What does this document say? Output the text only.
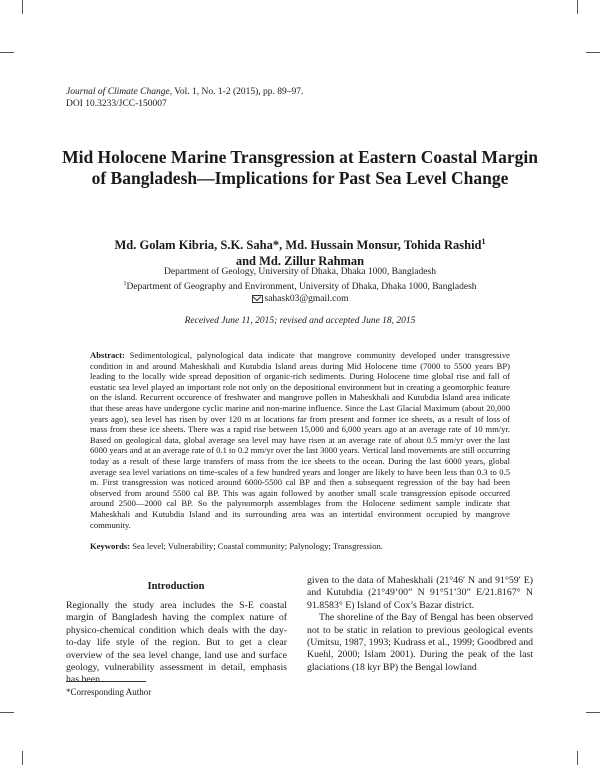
Journal of Climate Change, Vol. 1, No. 1-2 (2015), pp. 89–97.
DOI 10.3233/JCC-150007
Mid Holocene Marine Transgression at Eastern Coastal Margin of Bangladesh—Implications for Past Sea Level Change
Md. Golam Kibria, S.K. Saha*, Md. Hussain Monsur, Tohida Rashid$^1$
and Md. Zillur Rahman
Department of Geology, University of Dhaka, Dhaka 1000, Bangladesh
$^1$Department of Geography and Environment, University of Dhaka, Dhaka 1000, Bangladesh
sahask03@gmail.com
Received June 11, 2015; revised and accepted June 18, 2015
Abstract: Sedimentological, palynological data indicate that mangrove community developed under transgressive condition in and around Maheskhali and Kutubdia Island areas during Mid Holocene time (7000 to 5500 years BP) leading to the locally wide spread deposition of organic-rich sediments. During Holocene time global rise and fall of eustatic sea level played an important role not only on the depositional environment but in creating a geomorphic feature on the island. Recurrent occurence of freshwater and mangrove pollen in Maheskhali and Kutubdia Island area indicate that these areas have undergone cyclic marine and non-marine influence. Since the Last Glacial Maximum (about 20,000 years ago), sea level has risen by over 120 m at locations far from present and former ice sheets, as a result of loss of mass from these ice sheets. There was a rapid rise between 15,000 and 6,000 years ago at an average rate of 10 mm/yr. Based on geological data, global average sea level may have risen at an average rate of about 0.5 mm/yr over the last 6000 years and at an average rate of 0.1 to 0.2 mm/yr over the last 3000 years. Vertical land movements are still occurring today as a result of these large transfers of mass from the ice sheets to the ocean. During the last 6000 years, global average sea level variations on time-scales of a few hundred years and longer are likely to have been less than 0.3 to 0.5 m. First transgression was noticed around 6000-5500 cal BP and then a subsequent regression of the bay had been observed from around 5500 cal BP. This was again followed by another small scale transgression episode occurred around 2500—2000 cal BP. So the palynomorph assemblages from the Holocene sediment sample indicate that Maheskhali and Kutubdia Island and its surrounding area was an intertidal environment occupied by mangrove community.
Keywords: Sea level; Vulnerability; Coastal community; Palynology; Transgression.
Introduction
Regionally the study area includes the S-E coastal margin of Bangladesh having the complex nature of physico-chemical condition which deals with the day-to-day life style of the region. But to get a clear overview of the sea level change, land use and surface geology, vulnerability assessment in detail, emphasis has been

given to the data of Maheskhali (21°46′ N and 91°59′ E) and Kutubdia (21°49’00” N 91°51’30” E/21.8167° N 91.8583° E) Island of Cox’s Bazar district.

The shoreline of the Bay of Bengal has been observed not to be static in relation to previous geological events (Umitsu, 1987, 1993; Kudrass et al., 1999; Goodbred and Kuehl, 2000; Islam 2001). During the peak of the last glaciations (18 kyr BP) the Bengal lowland

*Corresponding Author
